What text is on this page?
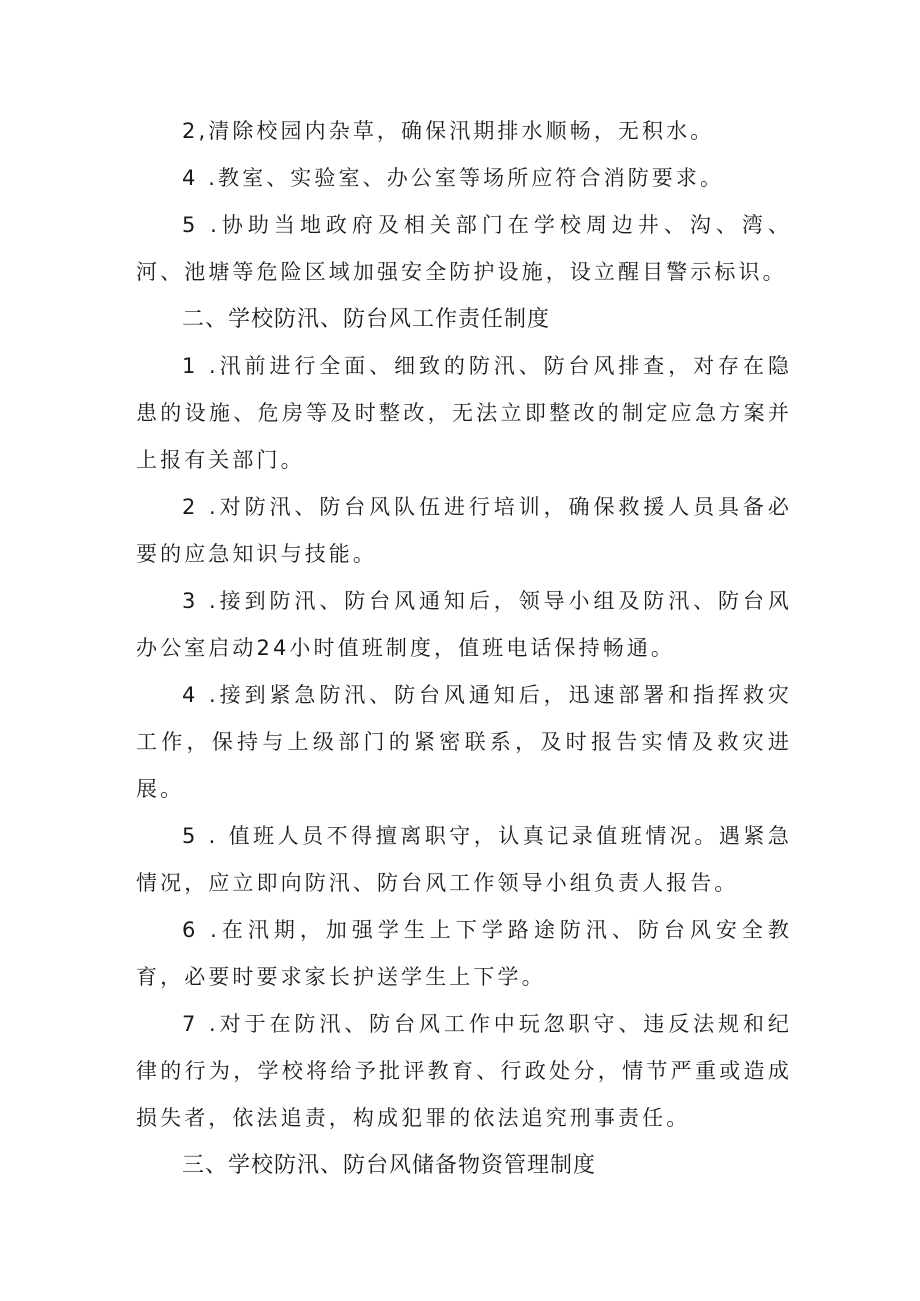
2,清除校园内杂草，确保汛期排水顺畅，无积水。

4 .教室、实验室、办公室等场所应符合消防要求。

5 .协助当地政府及相关部门在学校周边井、沟、湾、河、池塘等危险区域加强安全防护设施，设立醒目警示标识。

二、学校防汛、防台风工作责任制度

1 .汛前进行全面、细致的防汛、防台风排查，对存在隐患的设施、危房等及时整改，无法立即整改的制定应急方案并上报有关部门。

2 .对防汛、防台风队伍进行培训，确保救援人员具备必要的应急知识与技能。

3 .接到防汛、防台风通知后，领导小组及防汛、防台风办公室启动24小时值班制度，值班电话保持畅通。

4 .接到紧急防汛、防台风通知后，迅速部署和指挥救灾工作，保持与上级部门的紧密联系，及时报告实情及救灾进展。

5 . 值班人员不得擅离职守，认真记录值班情况。遇紧急情况，应立即向防汛、防台风工作领导小组负责人报告。

6 .在汛期，加强学生上下学路途防汛、防台风安全教育，必要时要求家长护送学生上下学。

7 .对于在防汛、防台风工作中玩忽职守、违反法规和纪律的行为，学校将给予批评教育、行政处分，情节严重或造成损失者，依法追责，构成犯罪的依法追究刑事责任。

三、学校防汛、防台风储备物资管理制度
